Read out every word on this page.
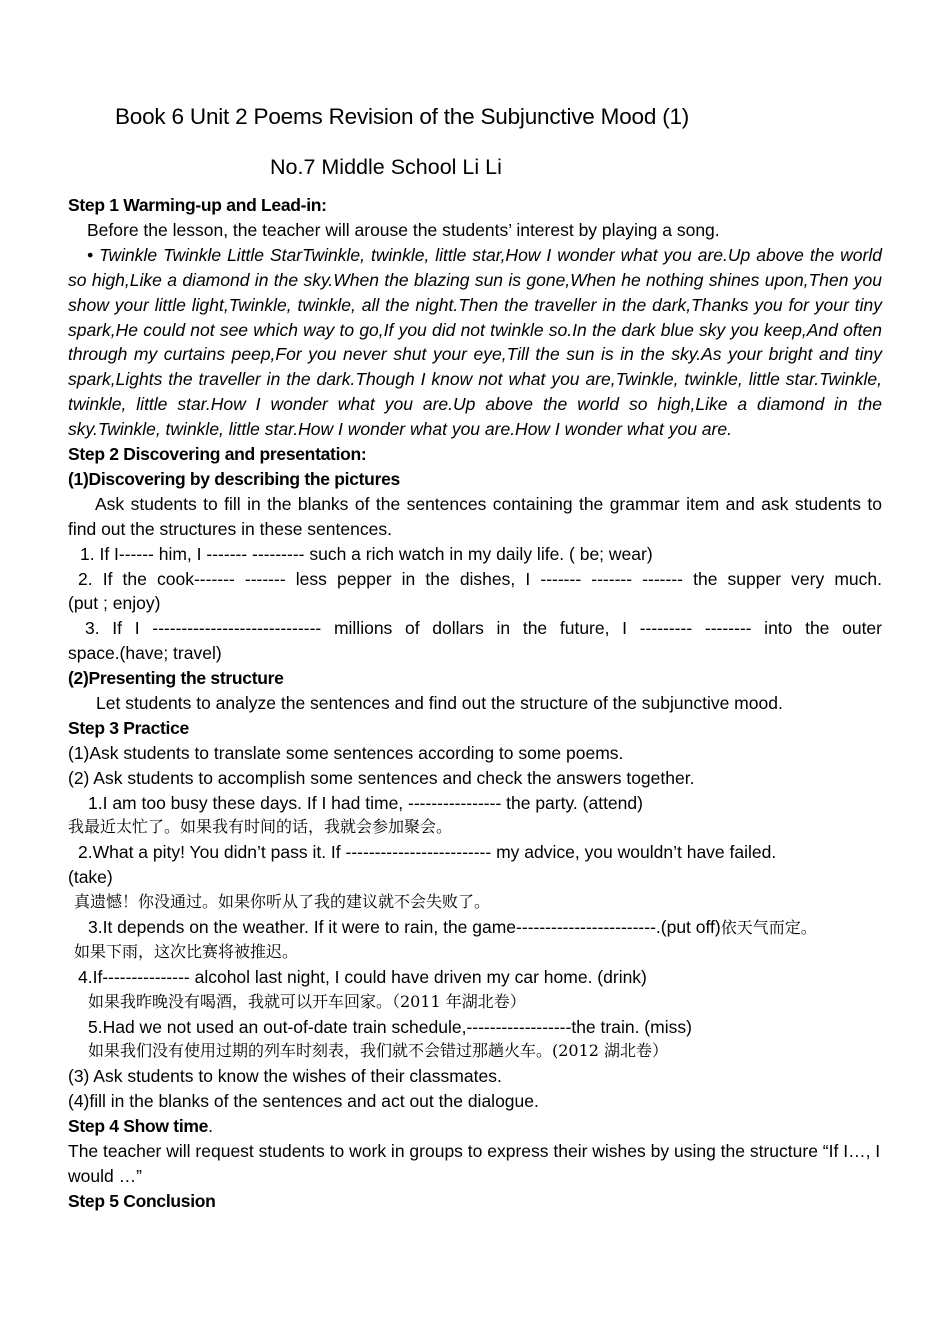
Book 6 Unit 2 Poems Revision of the Subjunctive Mood (1)
No.7 Middle School Li Li
Step 1 Warming-up and Lead-in:
Before the lesson, the teacher will arouse the students’ interest by playing a song.
• Twinkle Twinkle Little StarTwinkle, twinkle, little star,How I wonder what you are.Up above the world so high,Like a diamond in the sky.When the blazing sun is gone,When he nothing shines upon,Then you show your little light,Twinkle, twinkle, all the night.Then the traveller in the dark,Thanks you for your tiny spark,He could not see which way to go,If you did not twinkle so.In the dark blue sky you keep,And often through my curtains peep,For you never shut your eye,Till the sun is in the sky.As your bright and tiny spark,Lights the traveller in the dark.Though I know not what you are,Twinkle, twinkle, little star.Twinkle, twinkle, little star.How I wonder what you are.Up above the world so high,Like a diamond in the sky.Twinkle, twinkle, little star.How I wonder what you are.How I wonder what you are.
Step 2 Discovering and presentation:
(1)Discovering by describing the pictures
Ask students to fill in the blanks of the sentences containing the grammar item and ask students to find out the structures in these sentences.
1. If I------ him, I ------- --------- such a rich watch in my daily life. ( be; wear)
2. If the cook------- ------- less pepper in the dishes, I ------- ------- ------- the supper very much.
(put ; enjoy)
3. If I ----------------------------- millions of dollars in the future, I --------- -------- into the outer
space.(have; travel)
(2)Presenting the structure
Let students to analyze the sentences and find out the structure of the subjunctive mood.
Step 3 Practice
(1)Ask students to translate some sentences according to some poems.
(2) Ask students to accomplish some sentences and check the answers together.
1.I am too busy these days. If I had time, ---------------- the party. (attend)
我最近太忙了。如果我有时间的话，我就会参加聚会。
2.What a pity! You didn’t pass it. If ------------------------- my advice, you wouldn’t have failed.
(take)
真遗憾！你没通过。如果你听从了我的建议就不会失败了。
3.It depends on the weather. If it were to rain, the game------------------------.(put off)依天气而定。
如果下雨，这次比赛将被推迟。
4.If--------------- alcohol last night, I could have driven my car home. (drink)
如果我昨晚没有喝酒，我就可以开车回家。（2011 年湖北卷）
5.Had we not used an out-of-date train schedule,------------------the train. (miss)
如果我们没有使用过期的列车时刻表，我们就不会错过那趟火车。(2012 湖北卷）
(3) Ask students to know the wishes of their classmates.
(4)fill in the blanks of the sentences and act out the dialogue.
Step 4 Show time.
The teacher will request students to work in groups to express their wishes by using the structure “If I…, I would …”
Step 5 Conclusion
